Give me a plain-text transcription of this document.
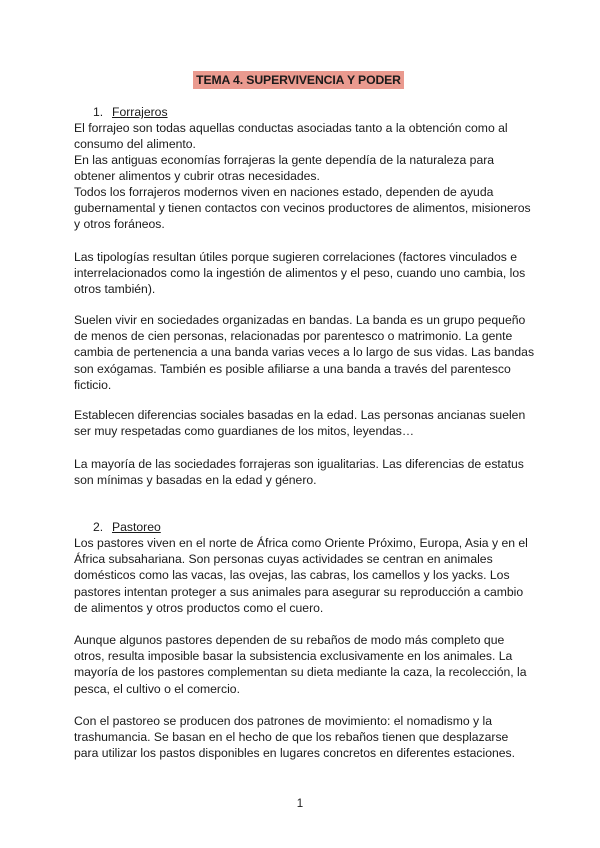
TEMA 4. SUPERVIVENCIA Y PODER
1. Forrajeros

El forrajeo son todas aquellas conductas asociadas tanto a la obtención como al consumo del alimento.

En las antiguas economías forrajeras la gente dependía de la naturaleza para obtener alimentos y cubrir otras necesidades.

Todos los forrajeros modernos viven en naciones estado, dependen de ayuda gubernamental y tienen contactos con vecinos productores de alimentos, misioneros y otros foráneos.

Las tipologías resultan útiles porque sugieren correlaciones (factores vinculados e interrelacionados como la ingestión de alimentos y el peso, cuando uno cambia, los otros también).

Suelen vivir en sociedades organizadas en bandas. La banda es un grupo pequeño de menos de cien personas, relacionadas por parentesco o matrimonio. La gente cambia de pertenencia a una banda varias veces a lo largo de sus vidas. Las bandas son exógamas. También es posible afiliarse a una banda a través del parentesco ficticio.

Establecen diferencias sociales basadas en la edad. Las personas ancianas suelen ser muy respetadas como guardianes de los mitos, leyendas…

La mayoría de las sociedades forrajeras son igualitarias. Las diferencias de estatus son mínimas y basadas en la edad y género.

2. Pastoreo

Los pastores viven en el norte de África como Oriente Próximo, Europa, Asia y en el África subsahariana. Son personas cuyas actividades se centran en animales domésticos como las vacas, las ovejas, las cabras, los camellos y los yacks. Los pastores intentan proteger a sus animales para asegurar su reproducción a cambio de alimentos y otros productos como el cuero.

Aunque algunos pastores dependen de su rebaños de modo más completo que otros, resulta imposible basar la subsistencia exclusivamente en los animales. La mayoría de los pastores complementan su dieta mediante la caza, la recolección, la pesca, el cultivo o el comercio.

Con el pastoreo se producen dos patrones de movimiento: el nomadismo y la trashumancia. Se basan en el hecho de que los rebaños tienen que desplazarse para utilizar los pastos disponibles en lugares concretos en diferentes estaciones.

1
